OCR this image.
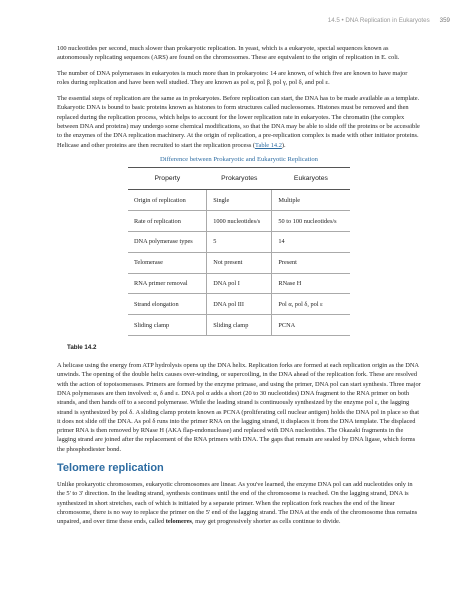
14.5 • DNA Replication in Eukaryotes 359

100 nucleotides per second, much slower than prokaryotic replication. In yeast, which is a eukaryote, special sequences known as autonomously replicating sequences (ARS) are found on the chromosomes. These are equivalent to the origin of replication in E. coli.

The number of DNA polymerases in eukaryotes is much more than in prokaryotes: 14 are known, of which five are known to have major roles during replication and have been well studied. They are known as pol α, pol β, pol γ, pol δ, and pol ε.

The essential steps of replication are the same as in prokaryotes. Before replication can start, the DNA has to be made available as a template. Eukaryotic DNA is bound to basic proteins known as histones to form structures called nucleosomes. Histones must be removed and then replaced during the replication process, which helps to account for the lower replication rate in eukaryotes. The chromatin (the complex between DNA and proteins) may undergo some chemical modifications, so that the DNA may be able to slide off the proteins or be accessible to the enzymes of the DNA replication machinery. At the origin of replication, a pre-replication complex is made with other initiator proteins. Helicase and other proteins are then recruited to start the replication process (Table 14.2).

Difference between Prokaryotic and Eukaryotic Replication
Property	Prokaryotes	Eukaryotes
Origin of replication	Single	Multiple
Rate of replication	1000 nucleotides/s	50 to 100 nucleotides/s
DNA polymerase types	5	14
Telomerase	Not present	Present
RNA primer removal	DNA pol I	RNase H
Strand elongation	DNA pol III	Pol α, pol δ, pol ε
Sliding clamp	Sliding clamp	PCNA
Table 14.2

A helicase using the energy from ATP hydrolysis opens up the DNA helix. Replication forks are formed at each replication origin as the DNA unwinds. The opening of the double helix causes over-winding, or supercoiling, in the DNA ahead of the replication fork. These are resolved with the action of topoisomerases. Primers are formed by the enzyme primase, and using the primer, DNA pol can start synthesis. Three major DNA polymerases are then involved: α, δ and ε. DNA pol α adds a short (20 to 30 nucleotides) DNA fragment to the RNA primer on both strands, and then hands off to a second polymerase. While the leading strand is continuously synthesized by the enzyme pol ε, the lagging strand is synthesized by pol δ. A sliding clamp protein known as PCNA (proliferating cell nuclear antigen) holds the DNA pol in place so that it does not slide off the DNA. As pol δ runs into the primer RNA on the lagging strand, it displaces it from the DNA template. The displaced primer RNA is then removed by RNase H (AKA flap-endonuclease) and replaced with DNA nucleotides. The Okazaki fragments in the lagging strand are joined after the replacement of the RNA primers with DNA. The gaps that remain are sealed by DNA ligase, which forms the phosphodiester bond.

Telomere replication

Unlike prokaryotic chromosomes, eukaryotic chromosomes are linear. As you've learned, the enzyme DNA pol can add nucleotides only in the 5' to 3' direction. In the leading strand, synthesis continues until the end of the chromosome is reached. On the lagging strand, DNA is synthesized in short stretches, each of which is initiated by a separate primer. When the replication fork reaches the end of the linear chromosome, there is no way to replace the primer on the 5' end of the lagging strand. The DNA at the ends of the chromosome thus remains unpaired, and over time these ends, called telomeres, may get progressively shorter as cells continue to divide.
